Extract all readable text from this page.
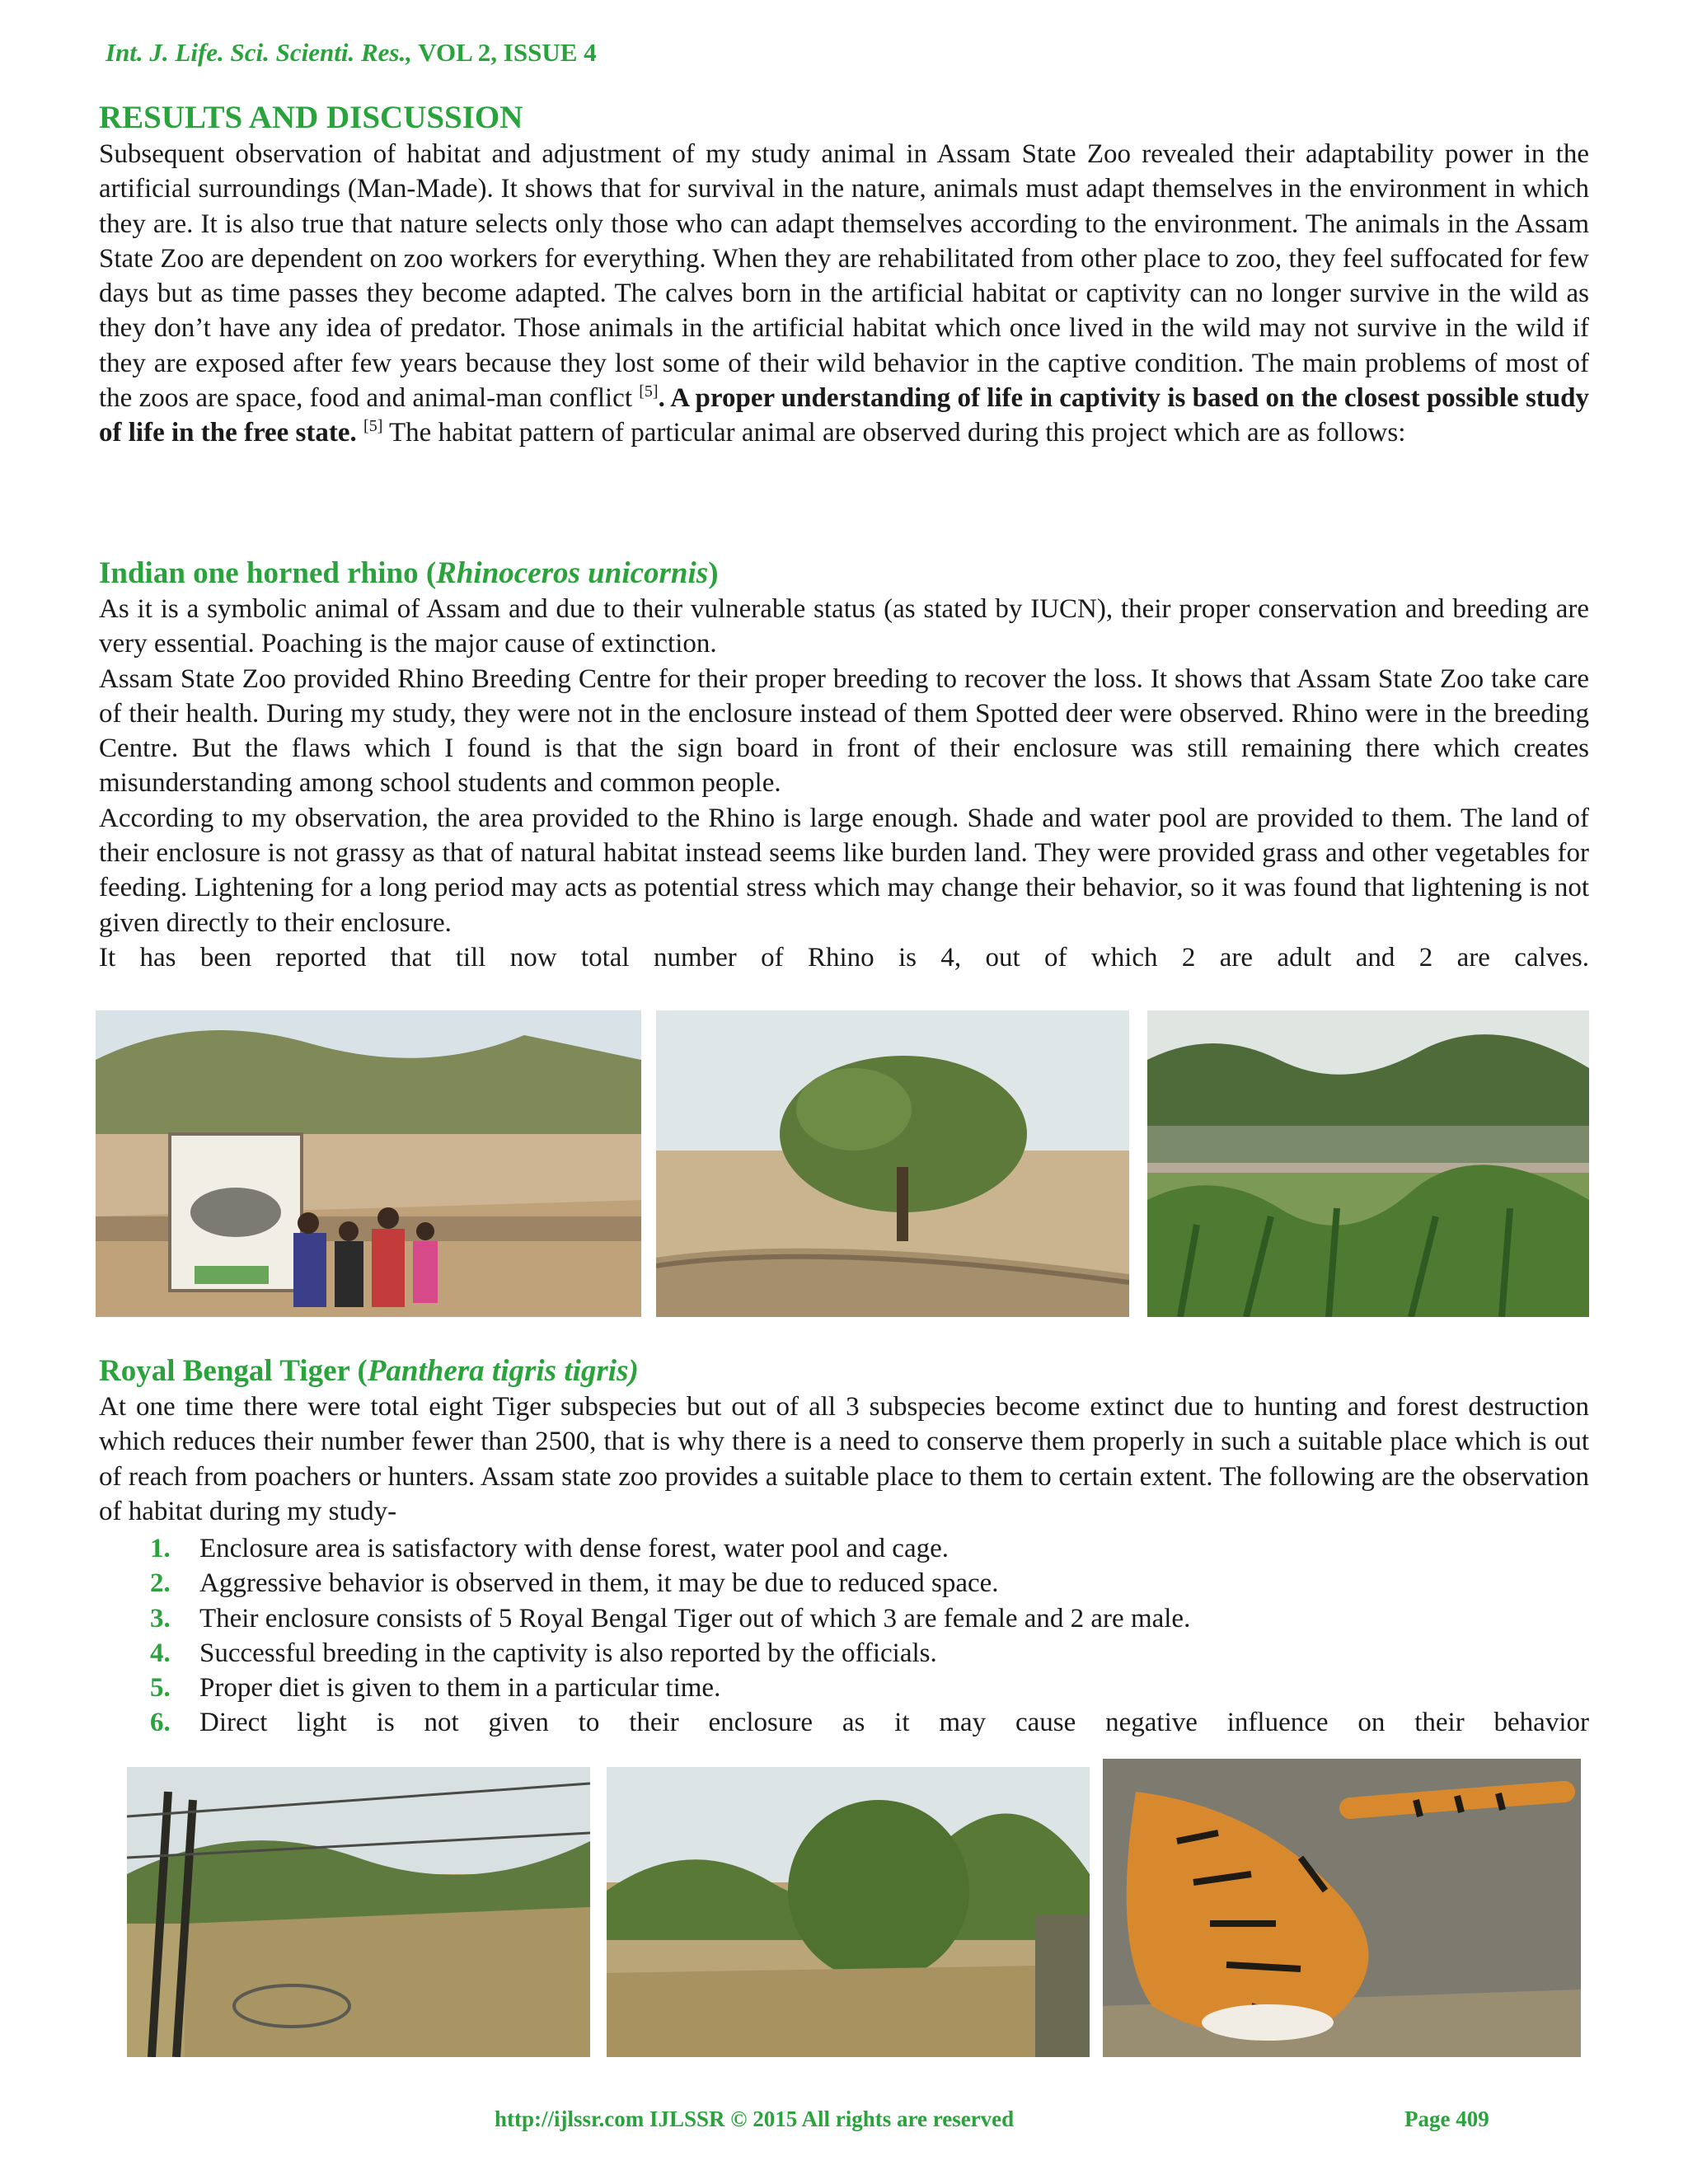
Int. J. Life. Sci. Scienti. Res., VOL 2, ISSUE 4
RESULTS AND DISCUSSION

Subsequent observation of habitat and adjustment of my study animal in Assam State Zoo revealed their adaptability power in the artificial surroundings (Man-Made). It shows that for survival in the nature, animals must adapt themselves in the environment in which they are. It is also true that nature selects only those who can adapt themselves according to the environment. The animals in the Assam State Zoo are dependent on zoo workers for everything. When they are rehabilitated from other place to zoo, they feel suffocated for few days but as time passes they become adapted. The calves born in the artificial habitat or captivity can no longer survive in the wild as they don’t have any idea of predator. Those animals in the artificial habitat which once lived in the wild may not survive in the wild if they are exposed after few years because they lost some of their wild behavior in the captive condition. The main problems of most of the zoos are space, food and animal-man conflict [5]. A proper understanding of life in captivity is based on the closest possible study of life in the free state. [5] The habitat pattern of particular animal are observed during this project which are as follows:

Indian one horned rhino (Rhinoceros unicornis)

As it is a symbolic animal of Assam and due to their vulnerable status (as stated by IUCN), their proper conservation and breeding are very essential. Poaching is the major cause of extinction.

Assam State Zoo provided Rhino Breeding Centre for their proper breeding to recover the loss. It shows that Assam State Zoo take care of their health. During my study, they were not in the enclosure instead of them Spotted deer were observed. Rhino were in the breeding Centre. But the flaws which I found is that the sign board in front of their enclosure was still remaining there which creates misunderstanding among school students and common people.

According to my observation, the area provided to the Rhino is large enough. Shade and water pool are provided to them. The land of their enclosure is not grassy as that of natural habitat instead seems like burden land. They were provided grass and other vegetables for feeding. Lightening for a long period may acts as potential stress which may change their behavior, so it was found that lightening is not given directly to their enclosure.

It has been reported that till now total number of Rhino is 4, out of which 2 are adult and 2 are calves.

Royal Bengal Tiger (Panthera tigris tigris)

At one time there were total eight Tiger subspecies but out of all 3 subspecies become extinct due to hunting and forest destruction which reduces their number fewer than 2500, that is why there is a need to conserve them properly in such a suitable place which is out of reach from poachers or hunters. Assam state zoo provides a suitable place to them to certain extent. The following are the observation of habitat during my study-

1. Enclosure area is satisfactory with dense forest, water pool and cage.
2. Aggressive behavior is observed in them, it may be due to reduced space.
3. Their enclosure consists of 5 Royal Bengal Tiger out of which 3 are female and 2 are male.
4. Successful breeding in the captivity is also reported by the officials.
5. Proper diet is given to them in a particular time.
6. Direct light is not given to their enclosure as it may cause negative influence on their behavior
http://ijlssr.com IJLSSR © 2015 All rights are reserved	Page 409
